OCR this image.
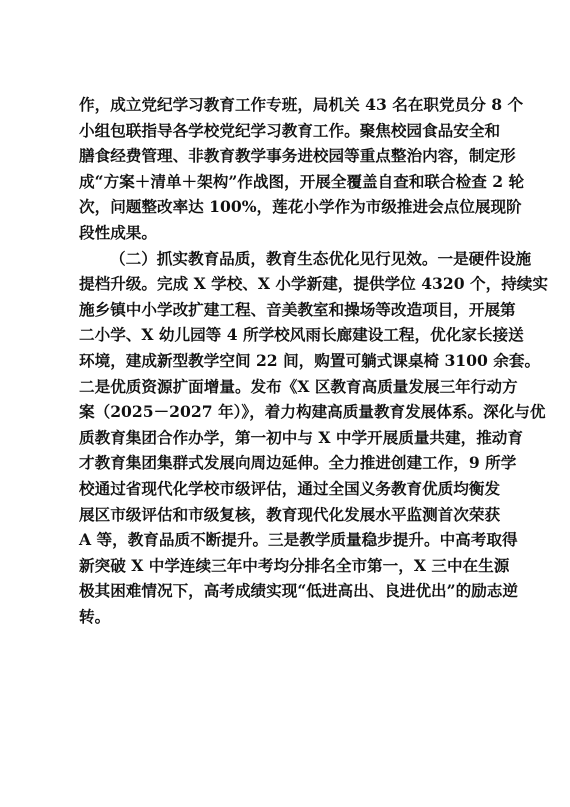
作，成立党纪学习教育工作专班，局机关 43 名在职党员分 8 个
小组包联指导各学校党纪学习教育工作。聚焦校园食品安全和
膳食经费管理、非教育教学事务进校园等重点整治内容，制定形
成“方案＋清单＋架构”作战图，开展全覆盖自查和联合检查 2 轮
次，问题整改率达 100%，莲花小学作为市级推进会点位展现阶
段性成果。
（二）抓实教育品质，教育生态优化见行见效。一是硬件设施
提档升级。完成 X 学校、X 小学新建，提供学位 4320 个，持续实
施乡镇中小学改扩建工程、音美教室和操场等改造项目，开展第
二小学、X 幼儿园等 4 所学校风雨长廊建设工程，优化家长接送
环境，建成新型教学空间 22 间，购置可躺式课桌椅 3100 余套。
二是优质资源扩面增量。发布《X 区教育高质量发展三年行动方
案（2025－2027 年）》，着力构建高质量教育发展体系。深化与优
质教育集团合作办学，第一初中与 X 中学开展质量共建，推动育
才教育集团集群式发展向周边延伸。全力推进创建工作，9 所学
校通过省现代化学校市级评估，通过全国义务教育优质均衡发
展区市级评估和市级复核，教育现代化发展水平监测首次荣获
A 等，教育品质不断提升。三是教学质量稳步提升。中高考取得
新突破 X 中学连续三年中考均分排名全市第一，X 三中在生源
极其困难情况下，高考成绩实现“低进高出、良进优出”的励志逆
转。
